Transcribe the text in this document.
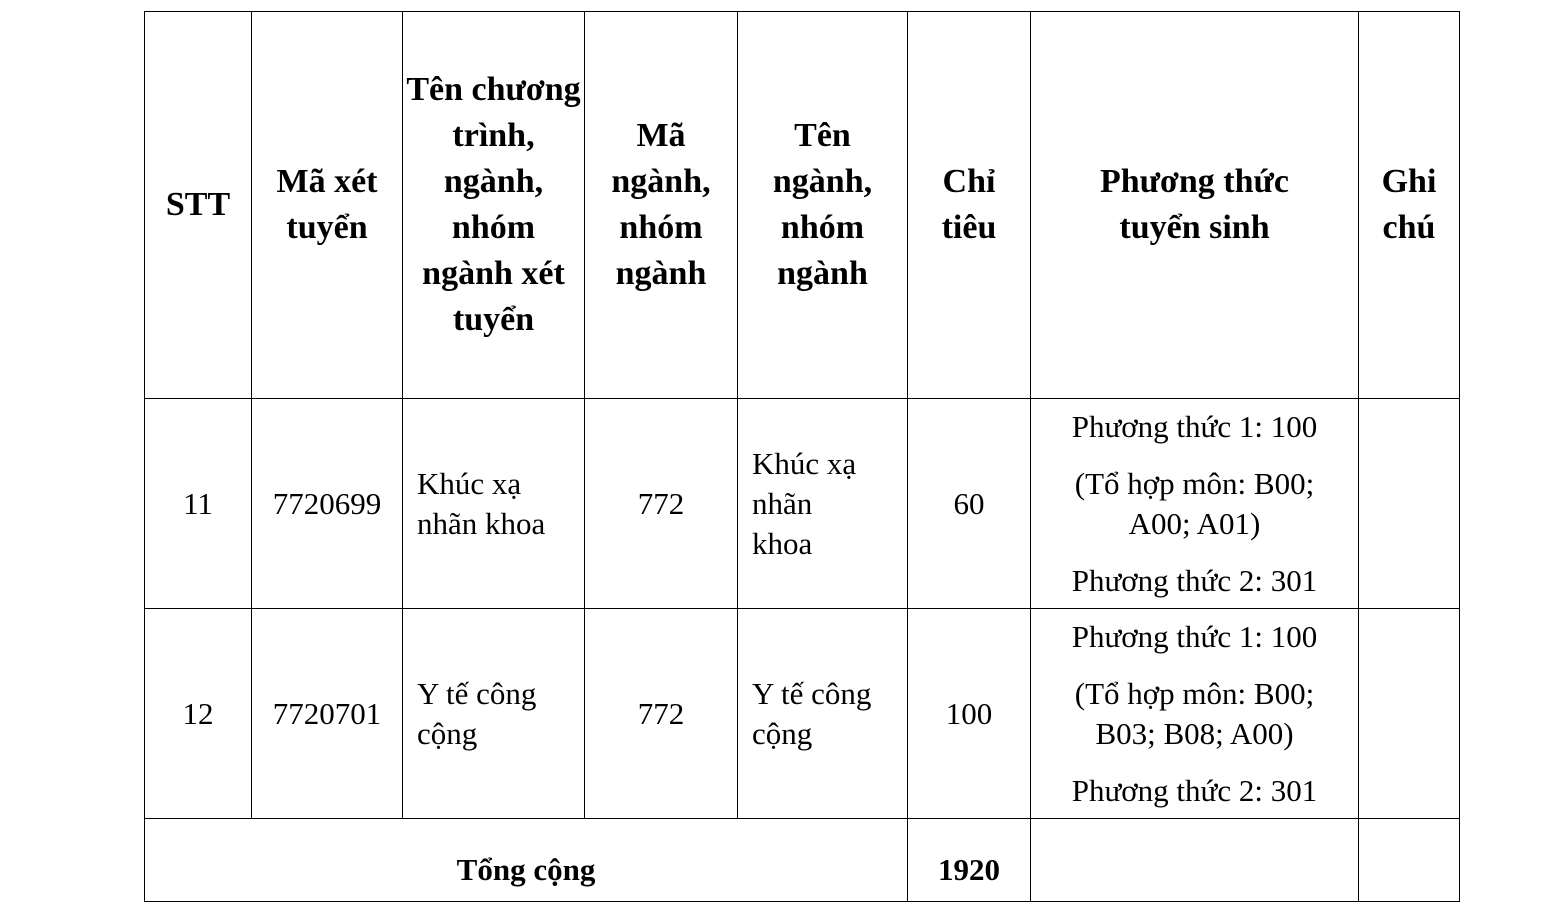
STT	Mã xét tuyển	Tên chương trình, ngành, nhóm ngành xét tuyển	Mã ngành, nhóm ngành	Tên ngành, nhóm ngành	Chỉ tiêu	Phương thức tuyển sinh	Ghi chú
11	7720699	Khúc xạ nhãn khoa	772	Khúc xạ nhãn khoa	60	Phương thức 1: 100
(Tổ hợp môn: B00; A00; A01)
Phương thức 2: 301	

12	7720701	Y tế công cộng	772	Y tế công cộng	100	Phương thức 1: 100
(Tổ hợp môn: B00; B03; B08; A00)
Phương thức 2: 301	

Tổng cộng					1920		
